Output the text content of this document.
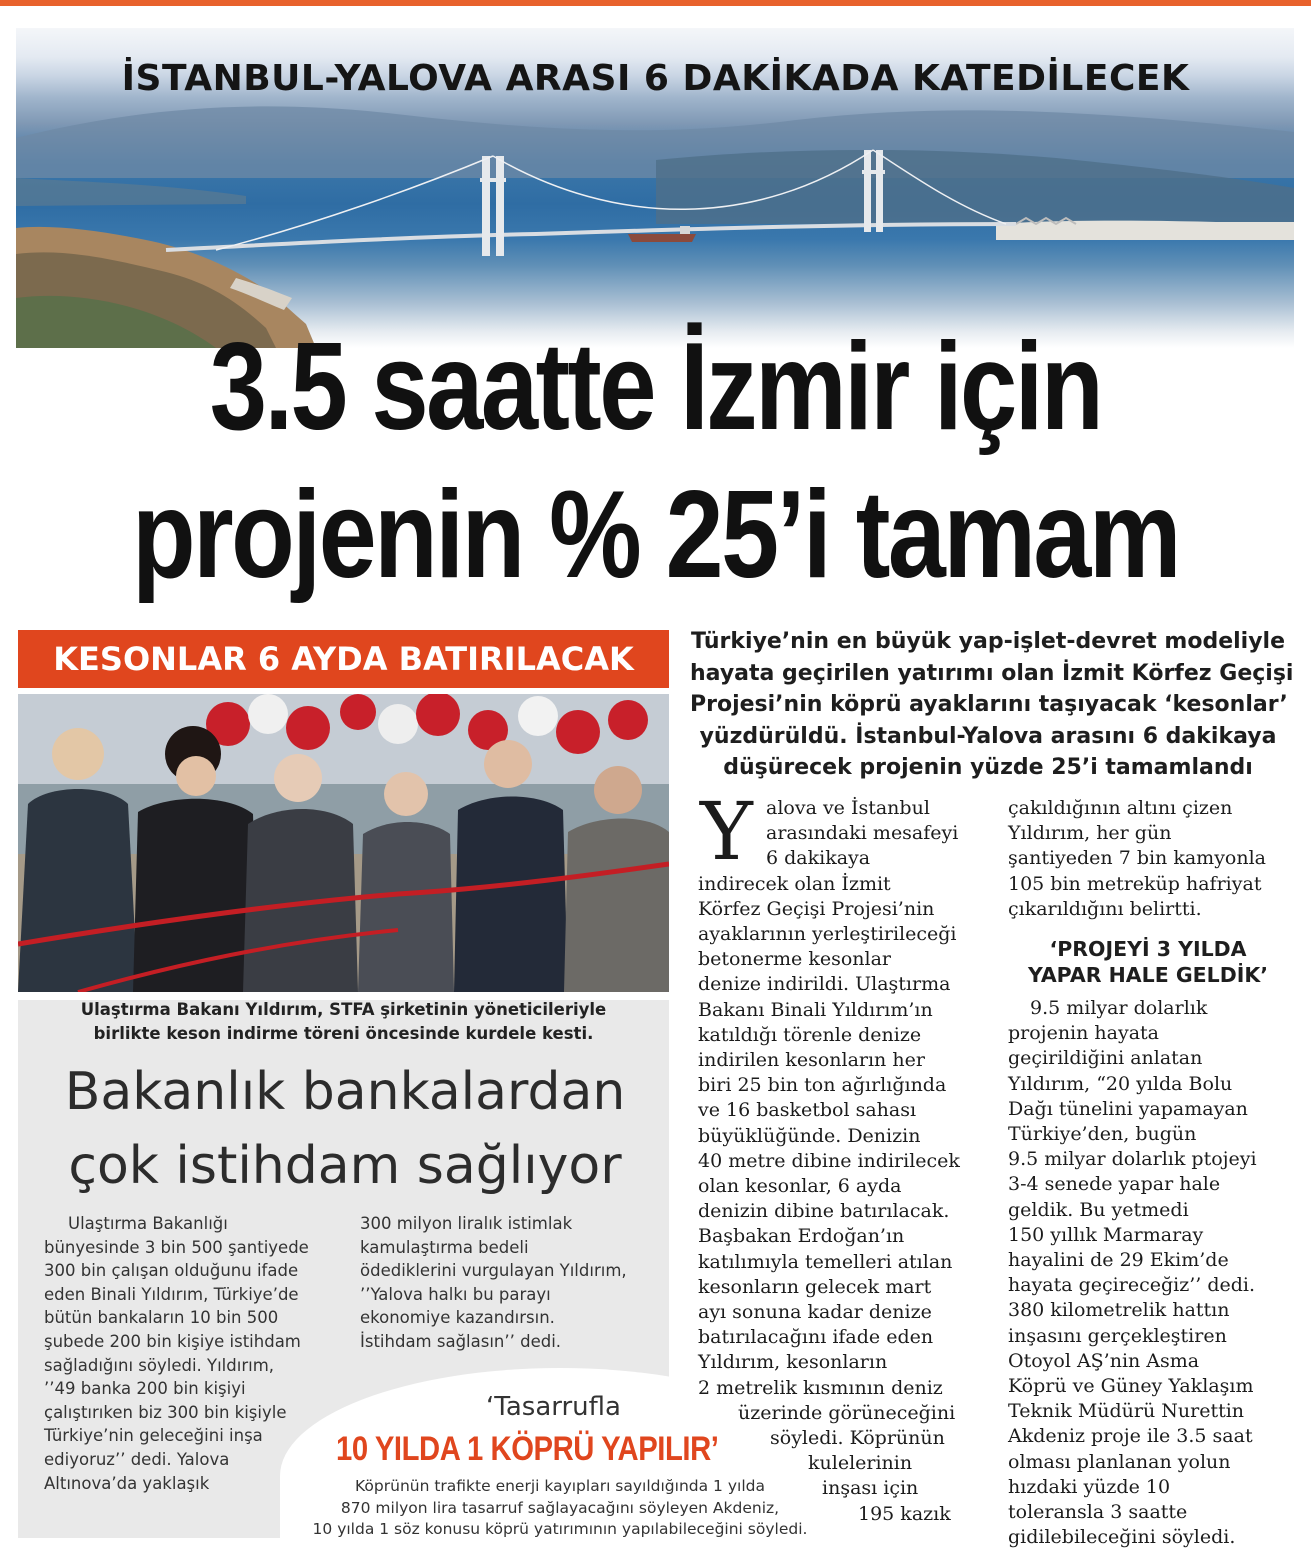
İSTANBUL-YALOVA ARASI 6 DAKİKADA KATEDİLECEK
3.5 saatte İzmir için
projenin % 25’i tamam
KESONLAR 6 AYDA BATIRILACAK

Ulaştırma Bakanı Yıldırım, STFA şirketinin yöneticileriyle

birlikte keson indirme töreni öncesinde kurdele kesti.

Bakanlık bankalardan
çok istihdam sağlıyor

Ulaştırma Bakanlığı

bünyesinde 3 bin 500 şantiyede

300 bin çalışan olduğunu ifade

eden Binali Yıldırım, Türkiye’de

bütün bankaların 10 bin 500

şubede 200 bin kişiye istihdam

sağladığını söyledi. Yıldırım,

’’49 banka 200 bin kişiyi

çalıştırıken biz 300 bin kişiyle

Türkiye’nin geleceğini inşa

ediyoruz’’ dedi. Yalova

Altınova’da yaklaşık

300 milyon liralık istimlak

kamulaştırma bedeli

ödediklerini vurgulayan Yıldırım,

’’Yalova halkı bu parayı

ekonomiye kazandırsın.

İstihdam sağlasın’’ dedi.

‘Tasarrufla
10 YILDA 1 KÖPRÜ YAPILIR’

Köprünün trafikte enerji kayıpları sayıldığında 1 yılda

870 milyon lira tasarruf sağlayacağını söyleyen Akdeniz,

10 yılda 1 söz konusu köprü yatırımının yapılabileceğini söyledi.

Türkiye’nin en büyük yap-işlet-devret modeliyle

hayata geçirilen yatırımı olan İzmit Körfez Geçişi

Projesi’nin köprü ayaklarını taşıyacak ‘kesonlar’

yüzdürüldü. İstanbul-Yalova arasını 6 dakikaya

düşürecek projenin yüzde 25’i tamamlandı

Y alova ve İstanbul

arasındaki mesafeyi

6 dakikaya

indirecek olan İzmit

Körfez Geçişi Projesi’nin

ayaklarının yerleştirileceği

betonerme kesonlar

denize indirildi. Ulaştırma

Bakanı Binali Yıldırım’ın

katıldığı törenle denize

indirilen kesonların her

biri 25 bin ton ağırlığında

ve 16 basketbol sahası

büyüklüğünde. Denizin

40 metre dibine indirilecek

olan kesonlar, 6 ayda

denizin dibine batırılacak.

Başbakan Erdoğan’ın

katılımıyla temelleri atılan

kesonların gelecek mart

ayı sonuna kadar denize

batırılacağını ifade eden

Yıldırım, kesonların

2 metrelik kısmının deniz

üzerinde görüneceğini

söyledi. Köprünün

kulelerinin

inşası için

195 kazık

çakıldığının altını çizen

Yıldırım, her gün

şantiyeden 7 bin kamyonla

105 bin metreküp hafriyat

çıkarıldığını belirtti.

‘PROJEYİ 3 YILDA

YAPAR HALE GELDİK’

9.5 milyar dolarlık

projenin hayata

geçirildiğini anlatan

Yıldırım, “20 yılda Bolu

Dağı tünelini yapamayan

Türkiye’den, bugün

9.5 milyar dolarlık ptojeyi

3-4 senede yapar hale

geldik. Bu yetmedi

150 yıllık Marmaray

hayalini de 29 Ekim’de

hayata geçireceğiz’’ dedi.

380 kilometrelik hattın

inşasını gerçekleştiren

Otoyol AŞ’nin Asma

Köprü ve Güney Yaklaşım

Teknik Müdürü Nurettin

Akdeniz proje ile 3.5 saat

olması planlanan yolun

hızdaki yüzde 10

toleransla 3 saatte

gidilebileceğini söyledi.
